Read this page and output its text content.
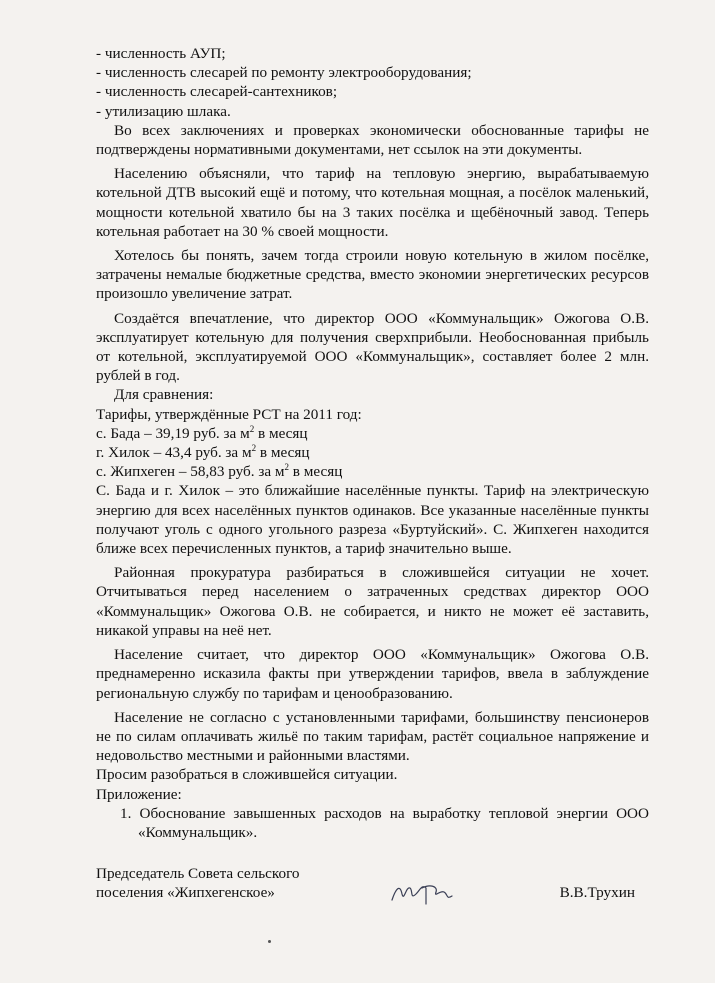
- численность АУП;

- численность слесарей по ремонту электрооборудования;

- численность слесарей-сантехников;

- утилизацию шлака.

Во всех заключениях и проверках экономически обоснованные тарифы не подтверждены нормативными документами, нет ссылок на эти документы.

Населению объясняли, что тариф на тепловую энергию, вырабатываемую котельной ДТВ высокий ещё и потому, что котельная мощная, а посёлок маленький, мощности котельной хватило бы на 3 таких посёлка и щебёночный завод. Теперь котельная работает на 30 % своей мощности.

Хотелось бы понять, зачем тогда строили новую котельную в жилом посёлке, затрачены немалые бюджетные средства, вместо экономии энергетических ресурсов произошло увеличение затрат.

Создаётся впечатление, что директор ООО «Коммунальщик» Ожогова О.В. эксплуатирует котельную для получения сверхприбыли. Необоснованная прибыль от котельной, эксплуатируемой ООО «Коммунальщик», составляет более 2 млн. рублей в год.

Для сравнения:

Тарифы, утверждённые РСТ на 2011 год:

с. Бада – 39,19 руб. за $м^2$ в месяц

г. Хилок – 43,4 руб. за $м^2$ в месяц

с. Жипхеген – 58,83 руб. за $м^2$ в месяц

С. Бада и г. Хилок – это ближайшие населённые пункты. Тариф на электрическую энергию для всех населённых пунктов одинаков. Все указанные населённые пункты получают уголь с одного угольного разреза «Буртуйский». С. Жипхеген находится ближе всех перечисленных пунктов, а тариф значительно выше.

Районная прокуратура разбираться в сложившейся ситуации не хочет. Отчитываться перед населением о затраченных средствах директор ООО «Коммунальщик» Ожогова О.В. не собирается, и никто не может её заставить, никакой управы на неё нет.

Население считает, что директор ООО «Коммунальщик» Ожогова О.В. преднамеренно исказила факты при утверждении тарифов, ввела в заблуждение региональную службу по тарифам и ценообразованию.

Население не согласно с установленными тарифами, большинству пенсионеров не по силам оплачивать жильё по таким тарифам, растёт социальное напряжение и недовольство местными и районными властями.

Просим разобраться в сложившейся ситуации.

Приложение:

1. Обоснование завышенных расходов на выработку тепловой энергии ООО «Коммунальщик».

Председатель Совета сельского
поселения «Жипхегенское»	В.В.Трухин
